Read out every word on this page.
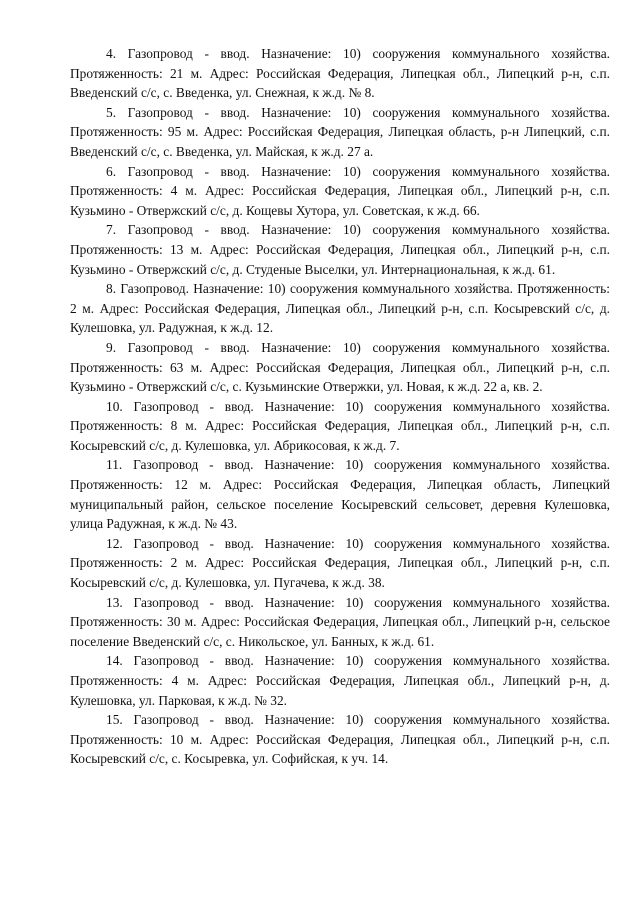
4. Газопровод - ввод. Назначение: 10) сооружения коммунального хозяйства. Протяженность: 21 м. Адрес: Российская Федерация, Липецкая обл., Липецкий р-н, с.п. Введенский с/с, с. Введенка, ул. Снежная, к ж.д. № 8.

5. Газопровод - ввод. Назначение: 10) сооружения коммунального хозяйства. Протяженность: 95 м. Адрес: Российская Федерация, Липецкая область, р-н Липецкий, с.п. Введенский с/с, с. Введенка, ул. Майская, к ж.д. 27 а.

6. Газопровод - ввод. Назначение: 10) сооружения коммунального хозяйства. Протяженность: 4 м. Адрес: Российская Федерация, Липецкая обл., Липецкий р-н, с.п. Кузьмино - Отвержский с/с, д. Кощевы Хутора, ул. Советская, к ж.д. 66.

7. Газопровод - ввод. Назначение: 10) сооружения коммунального хозяйства. Протяженность: 13 м. Адрес: Российская Федерация, Липецкая обл., Липецкий р-н, с.п. Кузьмино - Отвержский с/с, д. Студеные Выселки, ул. Интернациональная, к ж.д. 61.

8. Газопровод. Назначение: 10) сооружения коммунального хозяйства. Протяженность: 2 м. Адрес: Российская Федерация, Липецкая обл., Липецкий р-н, с.п. Косыревский с/с, д. Кулешовка, ул. Радужная, к ж.д. 12.

9. Газопровод - ввод. Назначение: 10) сооружения коммунального хозяйства. Протяженность: 63 м. Адрес: Российская Федерация, Липецкая обл., Липецкий р-н, с.п. Кузьмино - Отвержский с/с, с. Кузьминские Отвержки, ул. Новая, к ж.д. 22 а, кв. 2.

10. Газопровод - ввод. Назначение: 10) сооружения коммунального хозяйства. Протяженность: 8 м. Адрес: Российская Федерация, Липецкая обл., Липецкий р-н, с.п. Косыревский с/с, д. Кулешовка, ул. Абрикосовая, к ж.д. 7.

11. Газопровод - ввод. Назначение: 10) сооружения коммунального хозяйства. Протяженность: 12 м. Адрес: Российская Федерация, Липецкая область, Липецкий муниципальный район, сельское поселение Косыревский сельсовет, деревня Кулешовка, улица Радужная, к ж.д. № 43.

12. Газопровод - ввод. Назначение: 10) сооружения коммунального хозяйства. Протяженность: 2 м. Адрес: Российская Федерация, Липецкая обл., Липецкий р-н, с.п. Косыревский с/с, д. Кулешовка, ул. Пугачева, к ж.д. 38.

13. Газопровод - ввод. Назначение: 10) сооружения коммунального хозяйства. Протяженность: 30 м. Адрес: Российская Федерация, Липецкая обл., Липецкий р-н, сельское поселение Введенский с/с, с. Никольское, ул. Банных, к ж.д. 61.

14. Газопровод - ввод. Назначение: 10) сооружения коммунального хозяйства. Протяженность: 4 м. Адрес: Российская Федерация, Липецкая обл., Липецкий р-н, д. Кулешовка, ул. Парковая, к ж.д. № 32.

15. Газопровод - ввод. Назначение: 10) сооружения коммунального хозяйства. Протяженность: 10 м. Адрес: Российская Федерация, Липецкая обл., Липецкий р-н, с.п. Косыревский с/с, с. Косыревка, ул. Софийская, к уч. 14.
